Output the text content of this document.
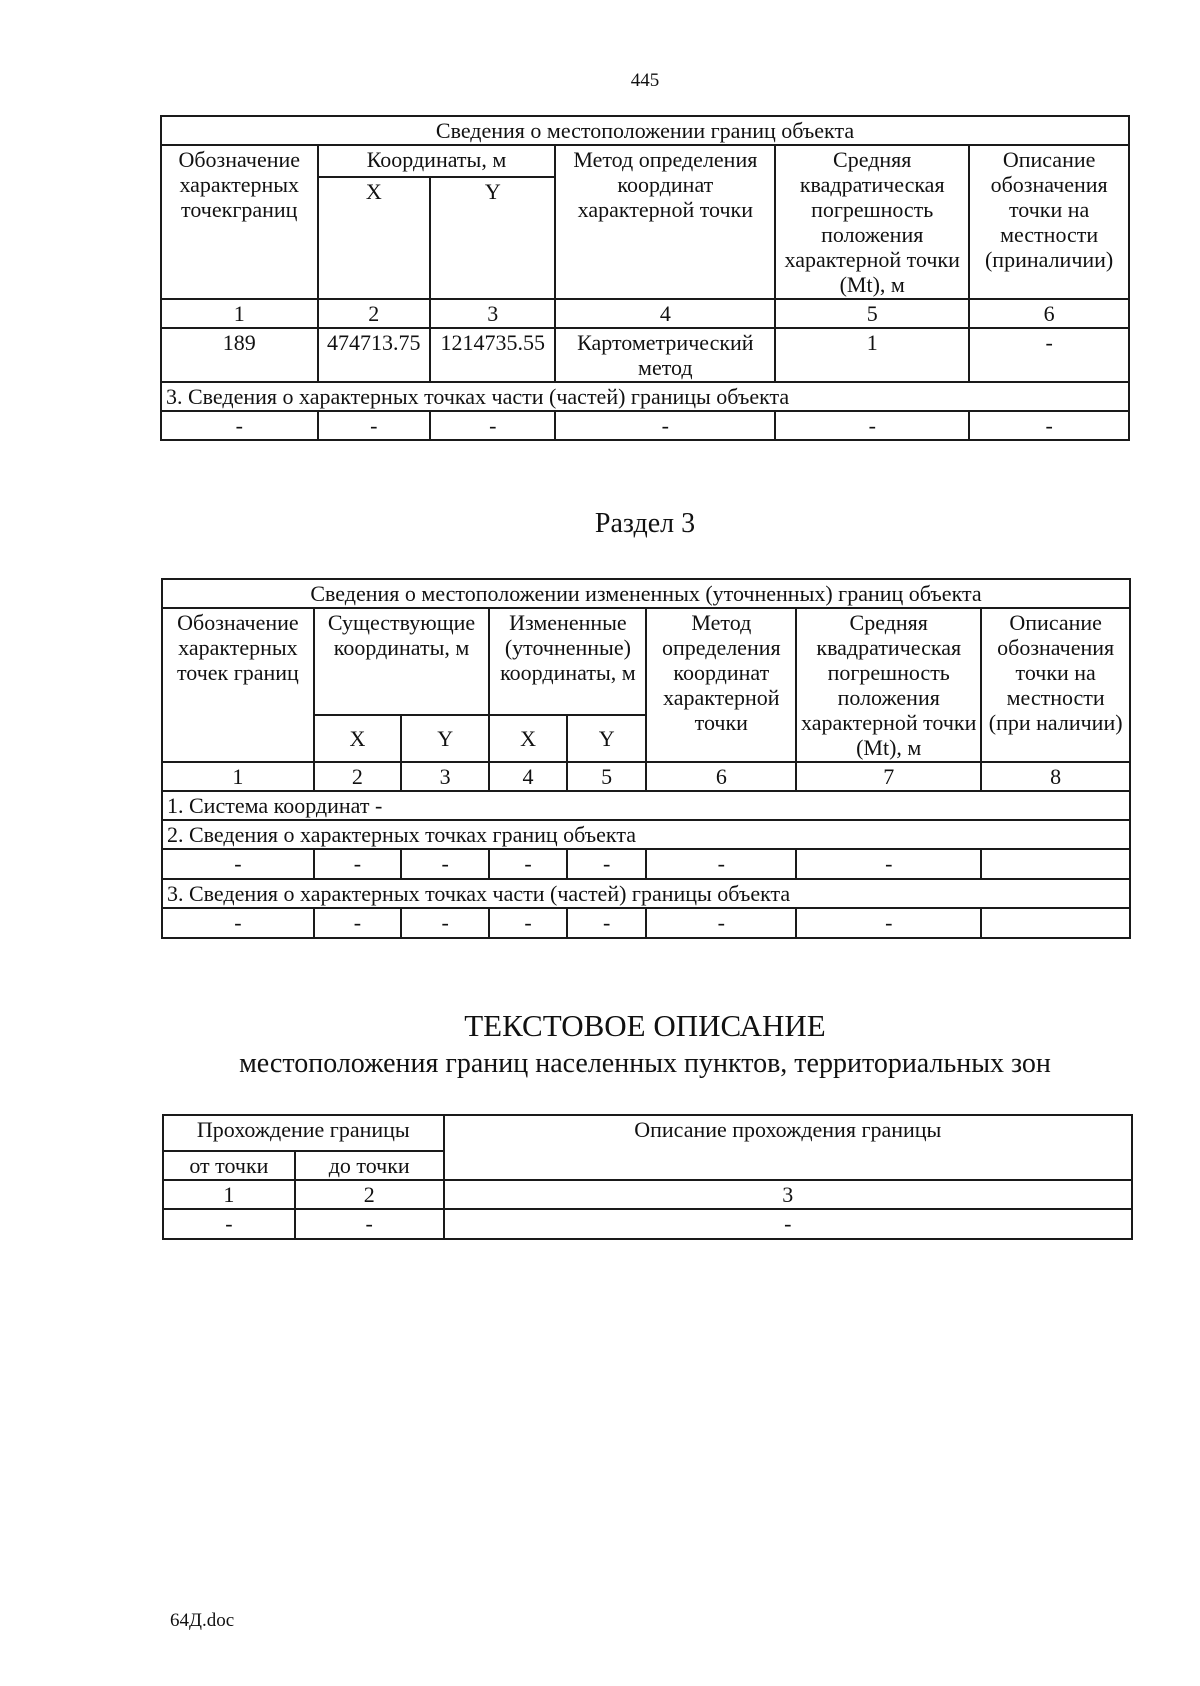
445
Сведения о местоположении границ объекта					
Обозначение характерных точекграниц	Координаты, м		Метод определения координат характерной точки	Средняя квадратическая погрешность положения характерной точки (Mt), м	Описание обозначения точки на местности (приналичии)
	X	Y			
1	2	3	4	5	6
189	474713.75	1214735.55	Картометрический метод	1	-
3. Сведения о характерных точках части (частей) границы объекта					
-	-	-	-	-	-
Раздел 3
Сведения о местоположении измененных (уточненных) границ объекта							
Обозначение характерных точек границ	Существующие координаты, м		Измененные (уточненные) координаты, м		Метод определения координат характерной точки	Средняя квадратическая погрешность положения характерной точки (Mt), м	Описание обозначения точки на местности (при наличии)
	X	Y	X	Y			
1	2	3	4	5	6	7	8
1. Система координат -							
2. Сведения о характерных точках границ объекта							
-	-	-	-	-	-	-	
3. Сведения о характерных точках части (частей) границы объекта							
-	-	-	-	-	-	-	
ТЕКСТОВОЕ ОПИСАНИЕ
местоположения границ населенных пунктов, территориальных зон
Прохождение границы		Описание прохождения границы
от точки	до точки	
1	2	3
-	-	-
64Д.doc
